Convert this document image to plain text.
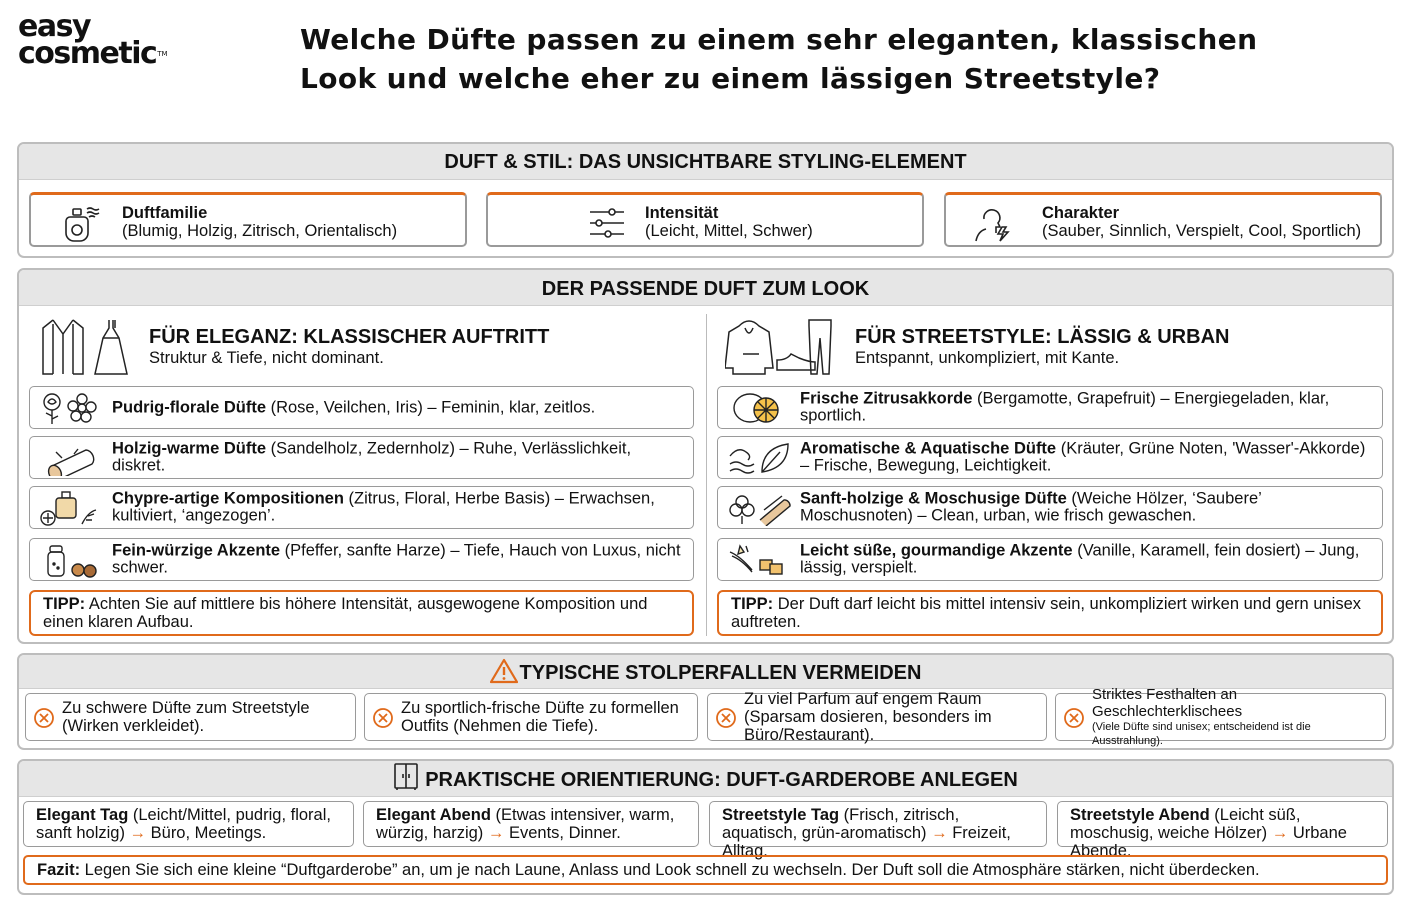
easy
cosmetic™	Welche Düfte passen zu einem sehr eleganten, klassischen
Look und welche eher zu einem lässigen Streetstyle?
DUFT & STIL: DAS UNSICHTBARE STYLING-ELEMENT
Duftfamilie
(Blumig, Holzig, Zitrisch, Orientalisch)
Intensität
(Leicht, Mittel, Schwer)
Charakter
(Sauber, Sinnlich, Verspielt, Cool, Sportlich)
DER PASSENDE DUFT ZUM LOOK
FÜR ELEGANZ: KLASSISCHER AUFTRITT
Struktur & Tiefe, nicht dominant.
FÜR STREETSTYLE: LÄSSIG & URBAN
Entspannt, unkompliziert, mit Kante.
Pudrig-florale Düfte (Rose, Veilchen, Iris) – Feminin, klar, zeitlos.
Holzig-warme Düfte (Sandelholz, Zedernholz) – Ruhe, Verlässlichkeit, diskret.
Chypre-artige Kompositionen (Zitrus, Floral, Herbe Basis) – Erwachsen, kultiviert, ‘angezogen’.
Fein-würzige Akzente (Pfeffer, sanfte Harze) – Tiefe, Hauch von Luxus, nicht schwer.
TIPP: Achten Sie auf mittlere bis höhere Intensität, ausgewogene Komposition und einen klaren Aufbau.
Frische Zitrusakkorde (Bergamotte, Grapefruit) – Energiegeladen, klar, sportlich.
Aromatische & Aquatische Düfte (Kräuter, Grüne Noten, 'Wasser'-Akkorde) – Frische, Bewegung, Leichtigkeit.
Sanft-holzige & Moschusige Düfte (Weiche Hölzer, ‘Saubere’ Moschusnoten) – Clean, urban, wie frisch gewaschen.
Leicht süße, gourmandige Akzente (Vanille, Karamell, fein dosiert) – Jung, lässig, verspielt.
TIPP: Der Duft darf leicht bis mittel intensiv sein, unkompliziert wirken und gern unisex auftreten.
TYPISCHE STOLPERFALLEN VERMEIDEN
Zu schwere Düfte zum Streetstyle (Wirken verkleidet).
Zu sportlich-frische Düfte zu formellen Outfits (Nehmen die Tiefe).
Zu viel Parfum auf engem Raum (Sparsam dosieren, besonders im Büro/Restaurant).
Striktes Festhalten an Geschlechterklischees
(Viele Düfte sind unisex; entscheidend ist die Ausstrahlung).
PRAKTISCHE ORIENTIERUNG: DUFT-GARDEROBE ANLEGEN
Elegant Tag (Leicht/Mittel, pudrig, floral, sanft holzig) → Büro, Meetings.
Elegant Abend (Etwas intensiver, warm, würzig, harzig) → Events, Dinner.
Streetstyle Tag (Frisch, zitrisch, aquatisch, grün-aromatisch) → Freizeit, Alltag.
Streetstyle Abend (Leicht süß, moschusig, weiche Hölzer) → Urbane Abende.
Fazit: Legen Sie sich eine kleine “Duftgarderobe” an, um je nach Laune, Anlass und Look schnell zu wechseln. Der Duft soll die Atmosphäre stärken, nicht überdecken.
